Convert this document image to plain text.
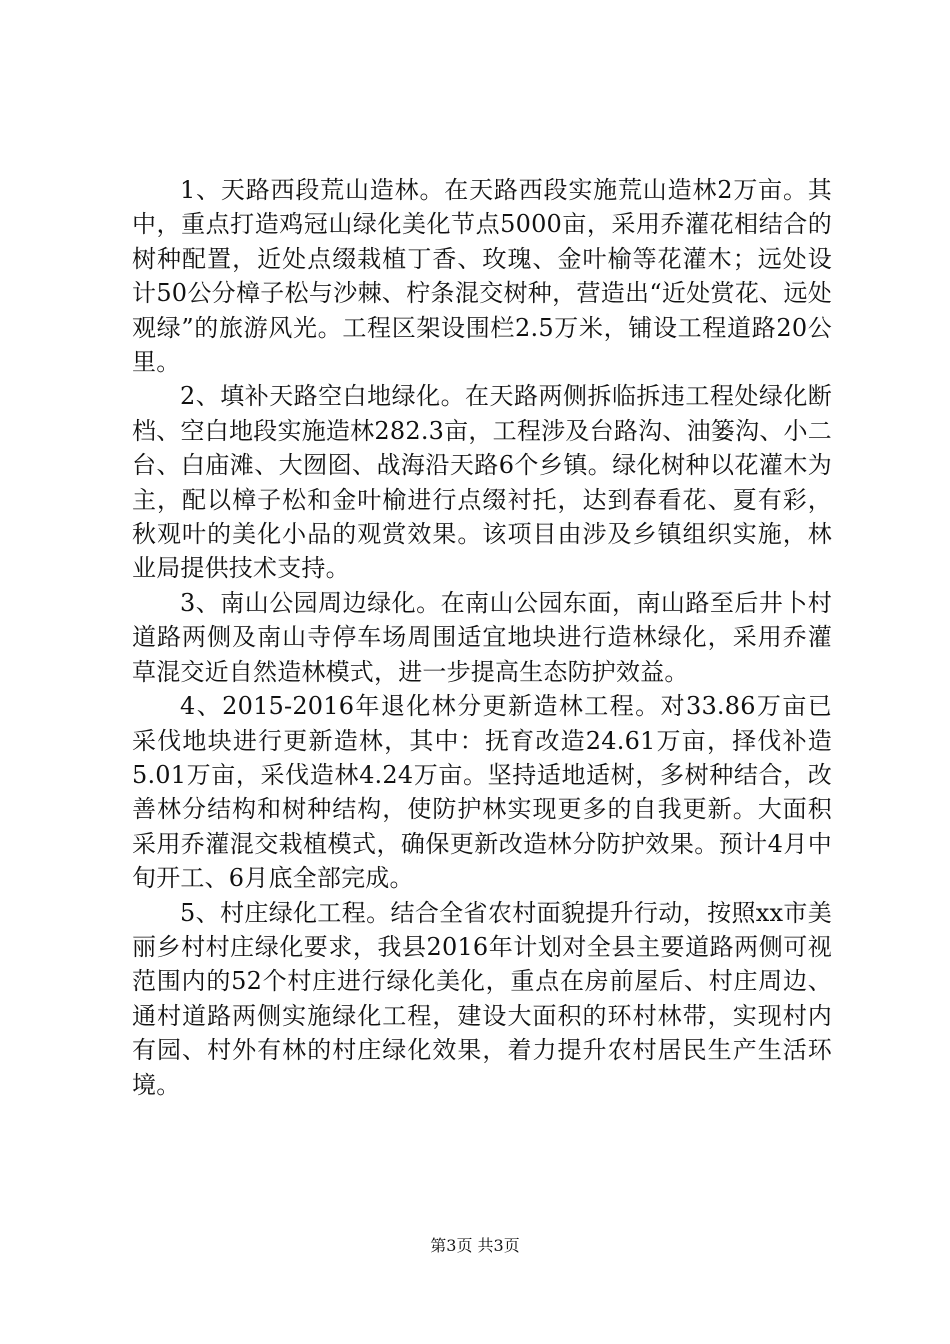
1、天路西段荒山造林。在天路西段实施荒山造林2万亩。其中，重点打造鸡冠山绿化美化节点5000亩，采用乔灌花相结合的树种配置，近处点缀栽植丁香、玫瑰、金叶榆等花灌木；远处设计50公分樟子松与沙棘、柠条混交树种，营造出“近处赏花、远处观绿”的旅游风光。工程区架设围栏2.5万米，铺设工程道路20公里。

2、填补天路空白地绿化。在天路两侧拆临拆违工程处绿化断档、空白地段实施造林282.3亩，工程涉及台路沟、油篓沟、小二台、白庙滩、大囫囵、战海沿天路6个乡镇。绿化树种以花灌木为主，配以樟子松和金叶榆进行点缀衬托，达到春看花、夏有彩，秋观叶的美化小品的观赏效果。该项目由涉及乡镇组织实施，林业局提供技术支持。

3、南山公园周边绿化。在南山公园东面，南山路至后井卜村道路两侧及南山寺停车场周围适宜地块进行造林绿化，采用乔灌草混交近自然造林模式，进一步提高生态防护效益。

4、2015-2016年退化林分更新造林工程。对33.86万亩已采伐地块进行更新造林，其中：抚育改造24.61万亩，择伐补造5.01万亩，采伐造林4.24万亩。坚持适地适树，多树种结合，改善林分结构和树种结构，使防护林实现更多的自我更新。大面积采用乔灌混交栽植模式，确保更新改造林分防护效果。预计4月中旬开工、6月底全部完成。

5、村庄绿化工程。结合全省农村面貌提升行动，按照xx市美丽乡村村庄绿化要求，我县2016年计划对全县主要道路两侧可视范围内的52个村庄进行绿化美化，重点在房前屋后、村庄周边、通村道路两侧实施绿化工程，建设大面积的环村林带，实现村内有园、村外有林的村庄绿化效果，着力提升农村居民生产生活环境。

第3页 共3页
